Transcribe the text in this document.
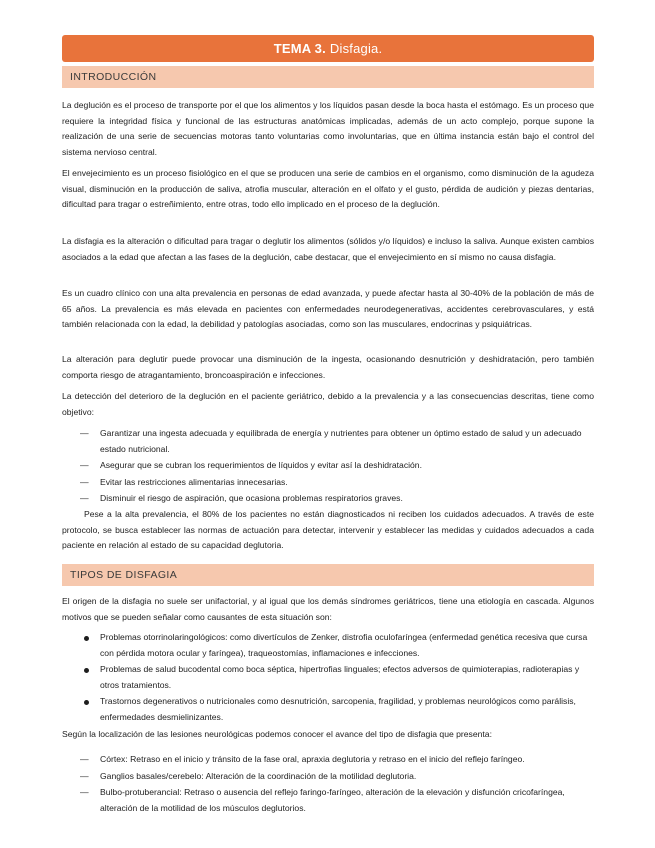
TEMA 3. Disfagia.
INTRODUCCIÓN

La deglución es el proceso de transporte por el que los alimentos y los líquidos pasan desde la boca hasta el estómago. Es un proceso que requiere la integridad física y funcional de las estructuras anatómicas implicadas, además de un acto complejo, porque supone la realización de una serie de secuencias motoras tanto voluntarias como involuntarias, que en última instancia están bajo el control del sistema nervioso central.

El envejecimiento es un proceso fisiológico en el que se producen una serie de cambios en el organismo, como disminución de la agudeza visual, disminución en la producción de saliva, atrofia muscular, alteración en el olfato y el gusto, pérdida de audición y piezas dentarias, dificultad para tragar o estreñimiento, entre otras, todo ello implicado en el proceso de la deglución.

La disfagia es la alteración o dificultad para tragar o deglutir los alimentos (sólidos y/o líquidos) e incluso la saliva. Aunque existen cambios asociados a la edad que afectan a las fases de la deglución, cabe destacar, que el envejecimiento en sí mismo no causa disfagia.

Es un cuadro clínico con una alta prevalencia en personas de edad avanzada, y puede afectar hasta al 30-40% de la población de más de 65 años. La prevalencia es más elevada en pacientes con enfermedades neurodegenerativas, accidentes cerebrovasculares, y está también relacionada con la edad, la debilidad y patologías asociadas, como son las musculares, endocrinas y psiquiátricas.

La alteración para deglutir puede provocar una disminución de la ingesta, ocasionando desnutrición y deshidratación, pero también comporta riesgo de atragantamiento, broncoaspiración e infecciones.

La detección del deterioro de la deglución en el paciente geriátrico, debido a la prevalencia y a las consecuencias descritas, tiene como objetivo:

—	Garantizar una ingesta adecuada y equilibrada de energía y nutrientes para obtener un óptimo estado de salud y un adecuado estado nutricional.
—	Asegurar que se cubran los requerimientos de líquidos y evitar así la deshidratación.
—	Evitar las restricciones alimentarias innecesarias.
—	Disminuir el riesgo de aspiración, que ocasiona problemas respiratorios graves.

Pese a la alta prevalencia, el 80% de los pacientes no están diagnosticados ni reciben los cuidados adecuados. A través de este protocolo, se busca establecer las normas de actuación para detectar, intervenir y establecer las medidas y cuidados adecuados a cada paciente en relación al estado de su capacidad deglutoria.

TIPOS DE DISFAGIA

El origen de la disfagia no suele ser unifactorial, y al igual que los demás síndromes geriátricos, tiene una etiología en cascada. Algunos motivos que se pueden señalar como causantes de esta situación son:

Problemas otorrinolaringológicos: como divertículos de Zenker, distrofia oculofaríngea (enfermedad genética recesiva que cursa con pérdida motora ocular y faríngea), traqueostomías, inflamaciones e infecciones.
Problemas de salud bucodental como boca séptica, hipertrofias linguales; efectos adversos de quimioterapias, radioterapias y otros tratamientos.
Trastornos degenerativos o nutricionales como desnutrición, sarcopenia, fragilidad, y problemas neurológicos como parálisis, enfermedades desmielinizantes.

Según la localización de las lesiones neurológicas podemos conocer el avance del tipo de disfagia que presenta:

—	Córtex: Retraso en el inicio y tránsito de la fase oral, apraxia deglutoria y retraso en el inicio del reflejo faríngeo.
—	Ganglios basales/cerebelo: Alteración de la coordinación de la motilidad deglutoria.
—	Bulbo-protuberancial: Retraso o ausencia del reflejo faringo-faríngeo, alteración de la elevación y disfunción cricofaríngea, alteración de la motilidad de los músculos deglutorios.
